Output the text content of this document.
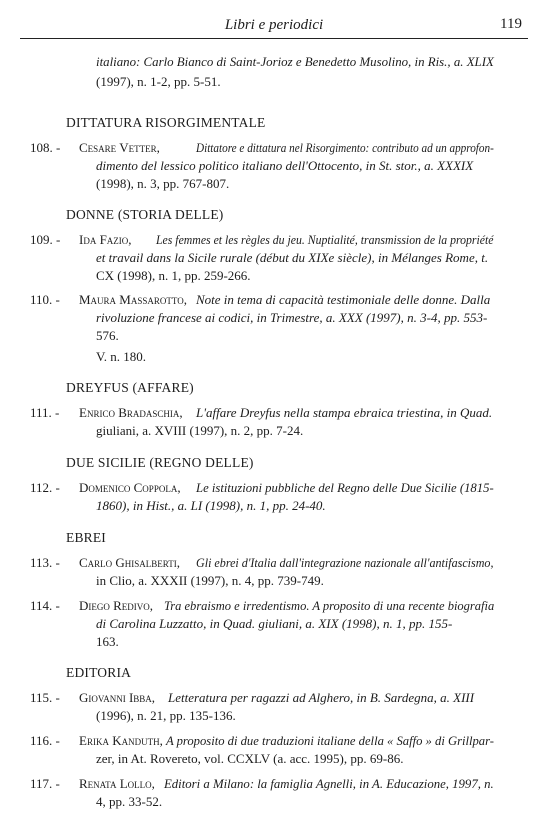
Libri e periodici	119
italiano: Carlo Bianco di Saint-Jorioz e Benedetto Musolino, in Ris., a. XLIX
(1997), n. 1-2, pp. 5-51.
DITTATURA RISORGIMENTALE
108. - Cesare Vetter,	Dittatore e dittatura nel Risorgimento: contributo ad un approfon-
dimento del lessico politico italiano dell'Ottocento, in St. stor., a. XXXIX
(1998), n. 3, pp. 767-807.
DONNE (STORIA DELLE)
109. - Ida Fazio, Les femmes et les règles du jeu. Nuptialité, transmission de la propriété
et travail dans la Sicile rurale (début du XIXe siècle), in Mélanges Rome, t.
CX (1998), n. 1, pp. 259-266.
110. - Maura Massarotto, Note in tema di capacità testimoniale delle donne. Dalla
rivoluzione francese ai codici, in Trimestre, a. XXX (1997), n. 3-4, pp. 553-
576.
V. n. 180.
DREYFUS (AFFARE)
111. - Enrico Bradaschia, L'affare Dreyfus nella stampa ebraica triestina, in Quad.
giuliani, a. XVIII (1997), n. 2, pp. 7-24.
DUE SICILIE (REGNO DELLE)
112. - Domenico Coppola, Le istituzioni pubbliche del Regno delle Due Sicilie (1815-
1860), in Hist., a. LI (1998), n. 1, pp. 24-40.
EBREI
113. - Carlo Ghisalberti, Gli ebrei d'Italia dall'integrazione nazionale all'antifascismo,
in Clio, a. XXXII (1997), n. 4, pp. 739-749.
114. - Diego Redivo, Tra ebraismo e irredentismo. A proposito di una recente biografia
di Carolina Luzzatto, in Quad. giuliani, a. XIX (1998), n. 1, pp. 155-
163.
EDITORIA
115. - Giovanni Ibba, Letteratura per ragazzi ad Alghero, in B. Sardegna, a. XIII
(1996), n. 21, pp. 135-136.
116. - Erika Kanduth, A proposito di due traduzioni italiane della « Saffo » di Grillpar-
zer, in At. Rovereto, vol. CCXLV (a. acc. 1995), pp. 69-86.
117. - Renata Lollo, Editori a Milano: la famiglia Agnelli, in A. Educazione, 1997, n.
4, pp. 33-52.
